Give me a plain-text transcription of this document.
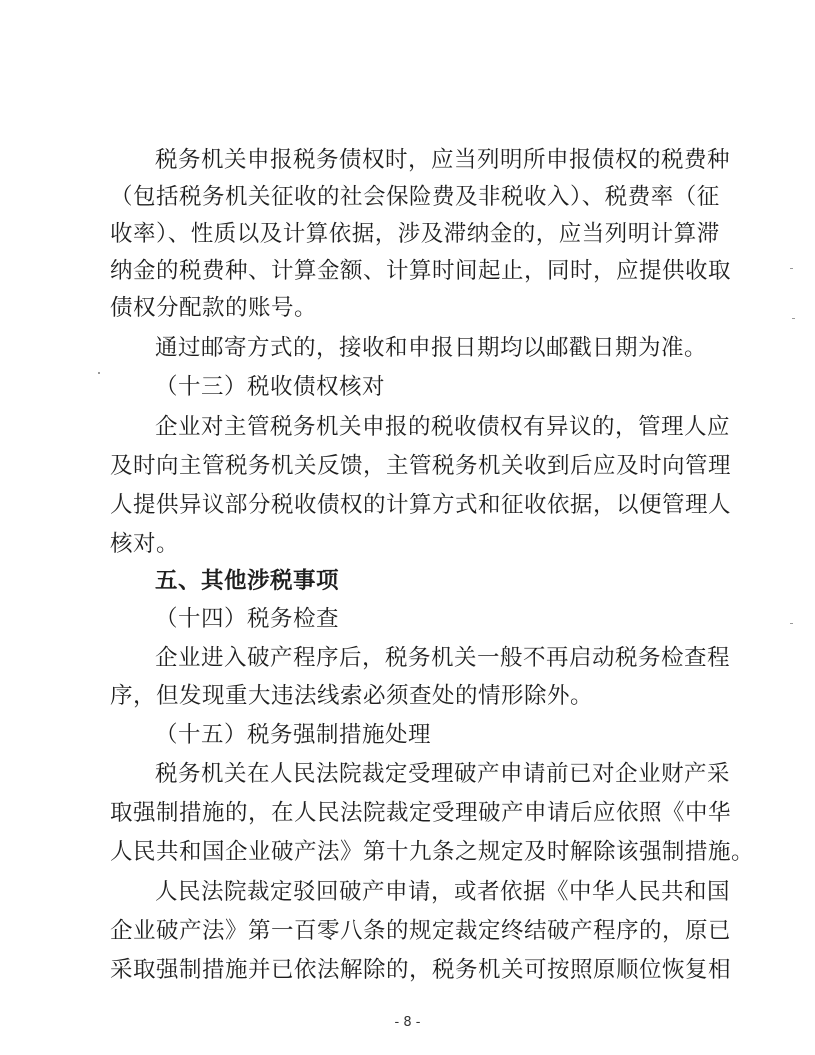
税务机关申报税务债权时，应当列明所申报债权的税费种
（包括税务机关征收的社会保险费及非税收入）、税费率（征
收率）、性质以及计算依据，涉及滞纳金的，应当列明计算滞
纳金的税费种、计算金额、计算时间起止，同时，应提供收取
债权分配款的账号。
通过邮寄方式的，接收和申报日期均以邮戳日期为准。
（十三）税收债权核对
企业对主管税务机关申报的税收债权有异议的，管理人应
及时向主管税务机关反馈，主管税务机关收到后应及时向管理
人提供异议部分税收债权的计算方式和征收依据，以便管理人
核对。
五、其他涉税事项
（十四）税务检查
企业进入破产程序后，税务机关一般不再启动税务检查程
序，但发现重大违法线索必须查处的情形除外。
（十五）税务强制措施处理
税务机关在人民法院裁定受理破产申请前已对企业财产采
取强制措施的，在人民法院裁定受理破产申请后应依照《中华
人民共和国企业破产法》第十九条之规定及时解除该强制措施。
人民法院裁定驳回破产申请，或者依据《中华人民共和国
企业破产法》第一百零八条的规定裁定终结破产程序的，原已
采取强制措施并已依法解除的，税务机关可按照原顺位恢复相
- 8 -
